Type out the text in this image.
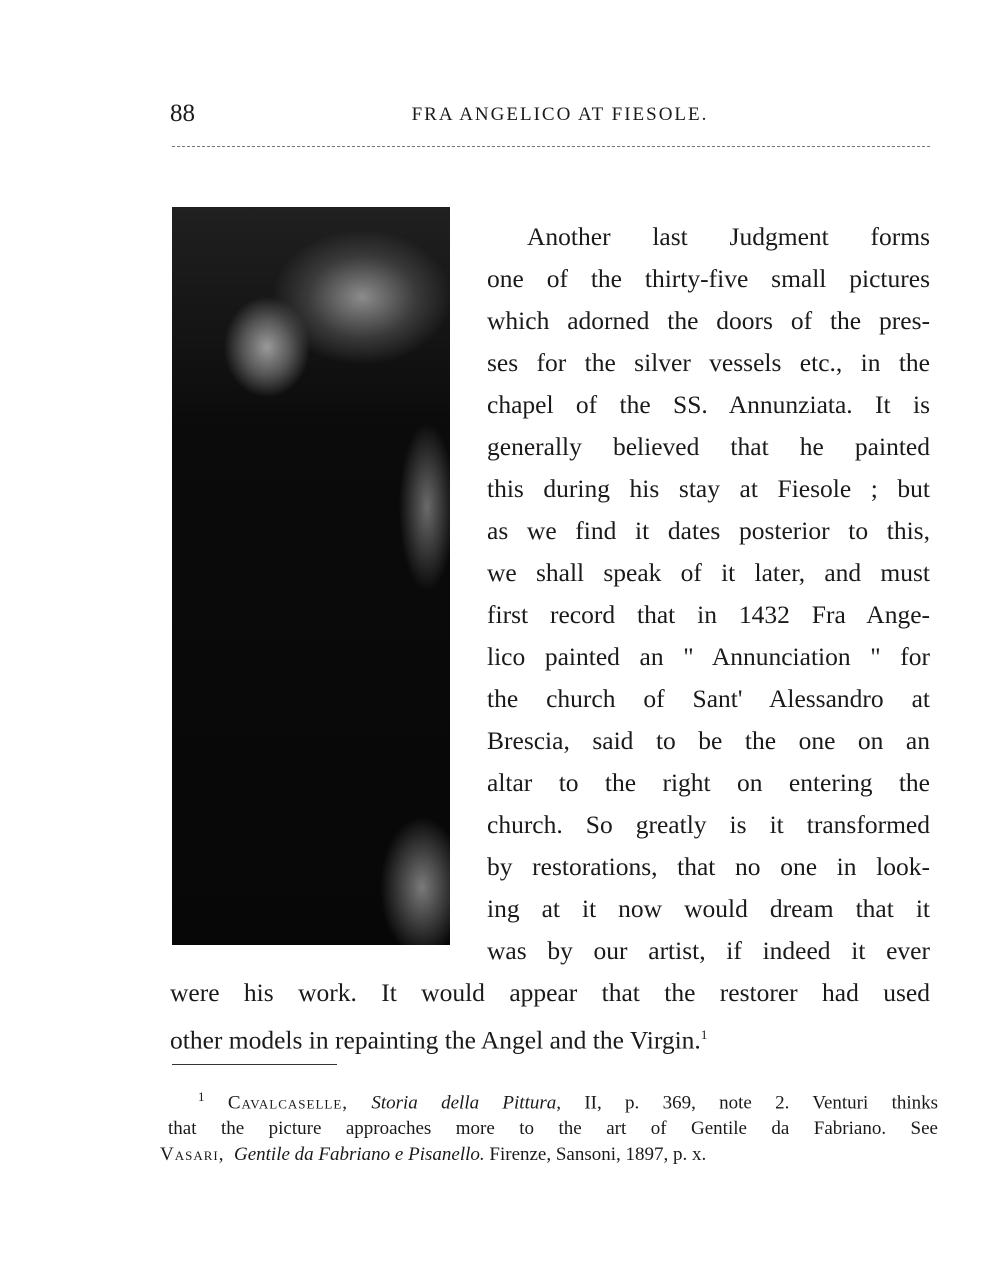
88	FRA ANGELICO AT FIESOLE.
Another last Judgment forms
one of the thirty-five small pictures
which adorned the doors of the pres-
ses for the silver vessels etc., in the
chapel of the SS. Annunziata. It is
generally believed that he painted
this during his stay at Fiesole ; but
as we find it dates posterior to this,
we shall speak of it later, and must
first record that in 1432 Fra Ange-
lico painted an " Annunciation " for
the church of Sant' Alessandro at
Brescia, said to be the one on an
altar to the right on entering the
church. So greatly is it transformed
by restorations, that no one in look-
ing at it now would dream that it
was by our artist, if indeed it ever
were his work. It would appear that the restorer had used
other models in repainting the Angel and the Virgin.$^1$
$^1$ Cavalcaselle, Storia della Pittura, II, p. 369, note 2. Venturi thinks
that the picture approaches more to the art of Gentile da Fabriano. See
Vasari, Gentile da Fabriano e Pisanello. Firenze, Sansoni, 1897, p. x.
